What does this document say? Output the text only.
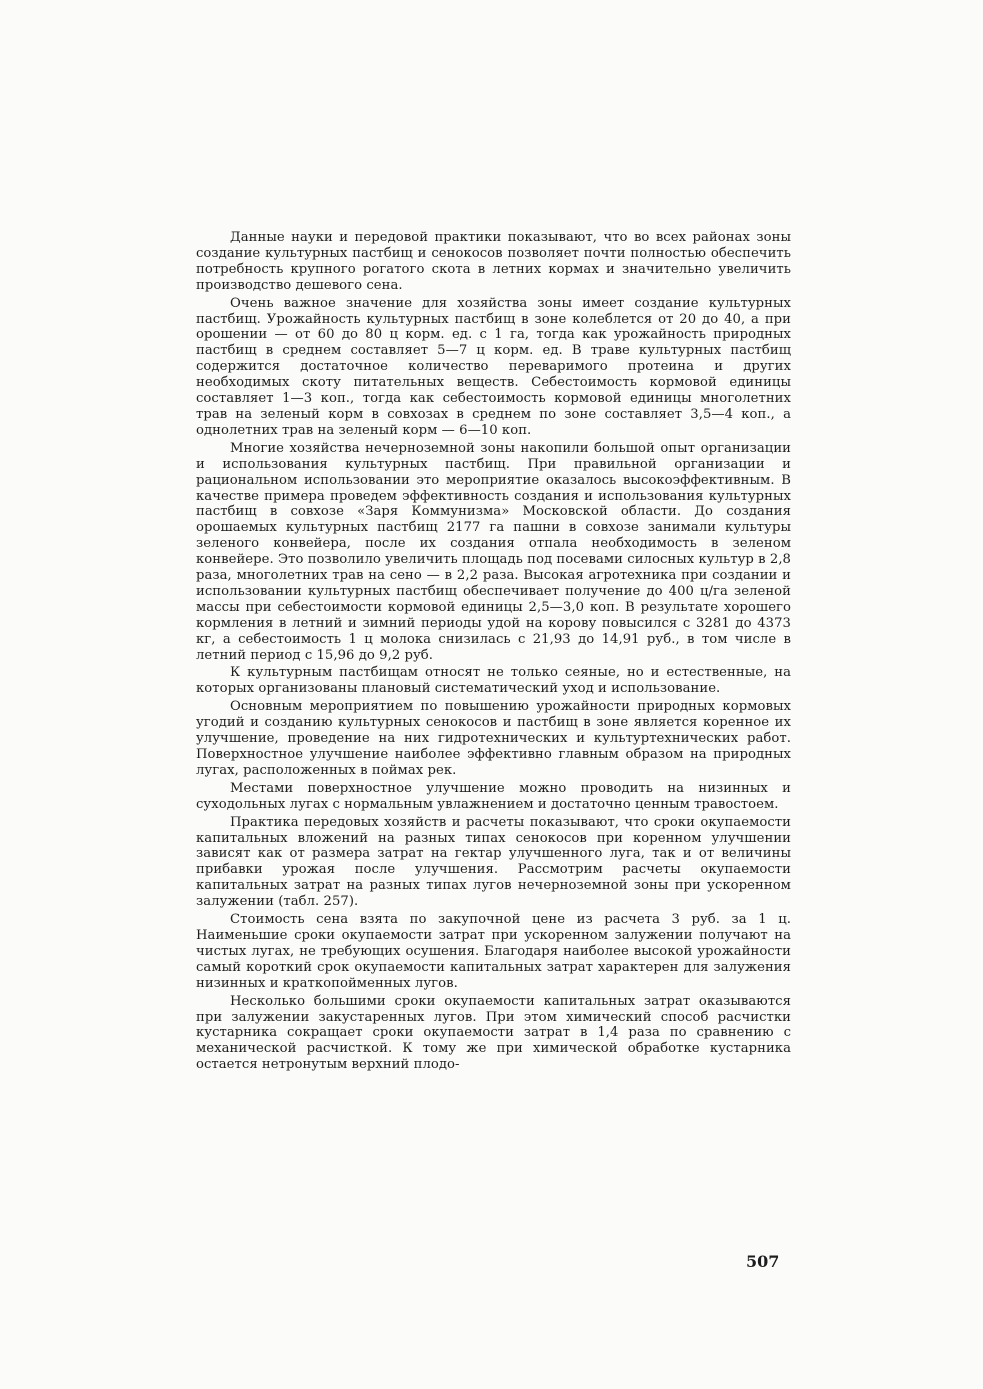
Данные науки и передовой практики показывают, что во всех районах зоны создание культурных пастбищ и сенокосов позволяет почти полностью обеспечить потребность крупного рогатого скота в летних кормах и значительно увеличить производство дешевого сена.

Очень важное значение для хозяйства зоны имеет создание культурных пастбищ. Урожайность культурных пастбищ в зоне колеблется от 20 до 40, а при орошении — от 60 до 80 ц корм. ед. с 1 га, тогда как урожайность природных пастбищ в среднем составляет 5—7 ц корм. ед. В траве культурных пастбищ содержится достаточное количество переваримого протеина и других необходимых скоту питательных веществ. Себестоимость кормовой единицы составляет 1—3 коп., тогда как себестоимость кормовой единицы многолетних трав на зеленый корм в совхозах в среднем по зоне составляет 3,5—4 коп., а однолетних трав на зеленый корм — 6—10 коп.

Многие хозяйства нечерноземной зоны накопили большой опыт организации и использования культурных пастбищ. При правильной организации и рациональном использовании это мероприятие оказалось высокоэффективным. В качестве примера проведем эффективность создания и использования культурных пастбищ в совхозе «Заря Коммунизма» Московской области. До создания орошаемых культурных пастбищ 2177 га пашни в совхозе занимали культуры зеленого конвейера, после их создания отпала необходимость в зеленом конвейере. Это позволило увеличить площадь под посевами силосных культур в 2,8 раза, многолетних трав на сено — в 2,2 раза. Высокая агротехника при создании и использовании культурных пастбищ обеспечивает получение до 400 ц/га зеленой массы при себестоимости кормовой единицы 2,5—3,0 коп. В результате хорошего кормления в летний и зимний периоды удой на корову повысился с 3281 до 4373 кг, а себестоимость 1 ц молока снизилась с 21,93 до 14,91 руб., в том числе в летний период с 15,96 до 9,2 руб.

К культурным пастбищам относят не только сеяные, но и естественные, на которых организованы плановый систематический уход и использование.

Основным мероприятием по повышению урожайности природных кормовых угодий и созданию культурных сенокосов и пастбищ в зоне является коренное их улучшение, проведение на них гидротехнических и культуртехнических работ. Поверхностное улучшение наиболее эффективно главным образом на природных лугах, расположенных в поймах рек.

Местами поверхностное улучшение можно проводить на низинных и суходольных лугах с нормальным увлажнением и достаточно ценным травостоем.

Практика передовых хозяйств и расчеты показывают, что сроки окупаемости капитальных вложений на разных типах сенокосов при коренном улучшении зависят как от размера затрат на гектар улучшенного луга, так и от величины прибавки урожая после улучшения. Рассмотрим расчеты окупаемости капитальных затрат на разных типах лугов нечерноземной зоны при ускоренном залужении (табл. 257).

Стоимость сена взята по закупочной цене из расчета 3 руб. за 1 ц. Наименьшие сроки окупаемости затрат при ускоренном залужении получают на чистых лугах, не требующих осушения. Благодаря наиболее высокой урожайности самый короткий срок окупаемости капитальных затрат характерен для залужения низинных и краткопойменных лугов.

Несколько большими сроки окупаемости капитальных затрат оказываются при залужении закустаренных лугов. При этом химический способ расчистки кустарника сокращает сроки окупаемости затрат в 1,4 раза по сравнению с механической расчисткой. К тому же при химической обработке кустарника остается нетронутым верхний плодо-

507
